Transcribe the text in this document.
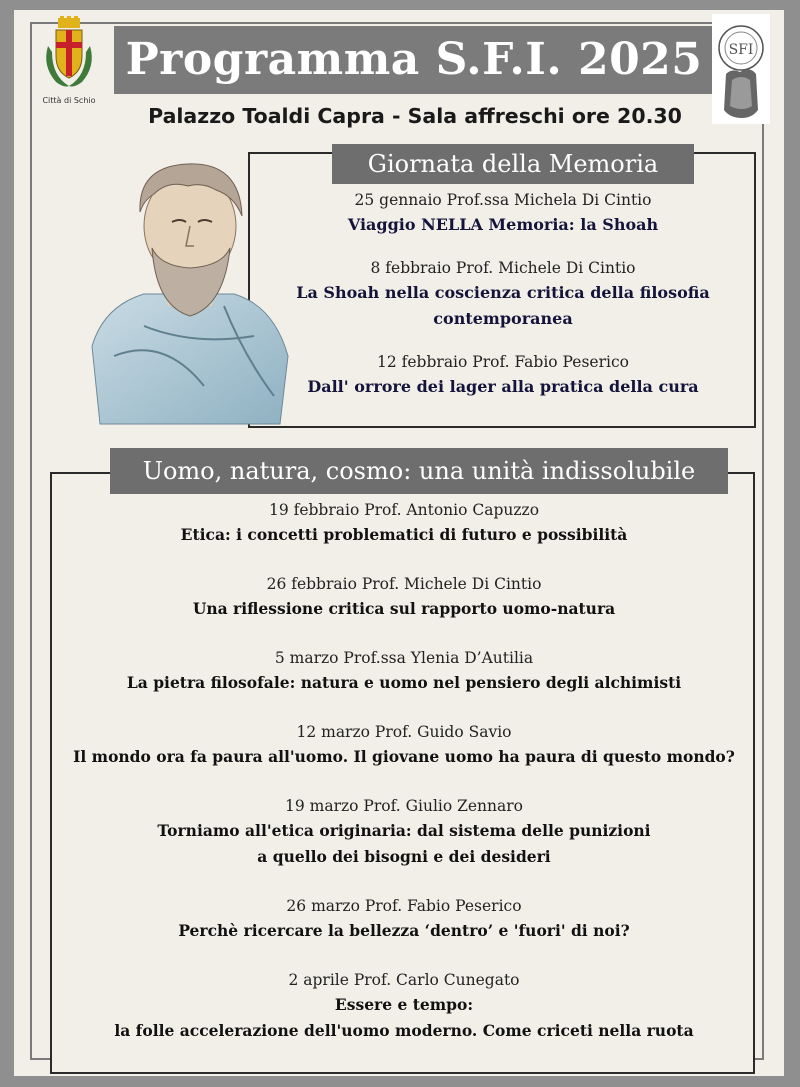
Città di Schio
Programma S.F.I. 2025	SFI
Palazzo Toaldi Capra - Sala affreschi ore 20.30
Giornata della Memoria
25 gennaio Prof.ssa Michela Di Cintio
Viaggio NELLA Memoria: la Shoah
8 febbraio Prof. Michele Di Cintio
La Shoah nella coscienza critica della filosofia
contemporanea
12 febbraio Prof. Fabio Peserico
Dall' orrore dei lager alla pratica della cura
Uomo, natura, cosmo: una unità indissolubile
19 febbraio Prof. Antonio Capuzzo
Etica: i concetti problematici di futuro e possibilità
26 febbraio Prof. Michele Di Cintio
Una riflessione critica sul rapporto uomo-natura
5 marzo Prof.ssa Ylenia D’Autilia
La pietra filosofale: natura e uomo nel pensiero degli alchimisti
12 marzo Prof. Guido Savio
Il mondo ora fa paura all'uomo. Il giovane uomo ha paura di questo mondo?
19 marzo Prof. Giulio Zennaro
Torniamo all'etica originaria: dal sistema delle punizioni
a quello dei bisogni e dei desideri
26 marzo Prof. Fabio Peserico
Perchè ricercare la bellezza ‘dentro’ e 'fuori' di noi?
2 aprile Prof. Carlo Cunegato
Essere e tempo:
la folle accelerazione dell'uomo moderno. Come criceti nella ruota
